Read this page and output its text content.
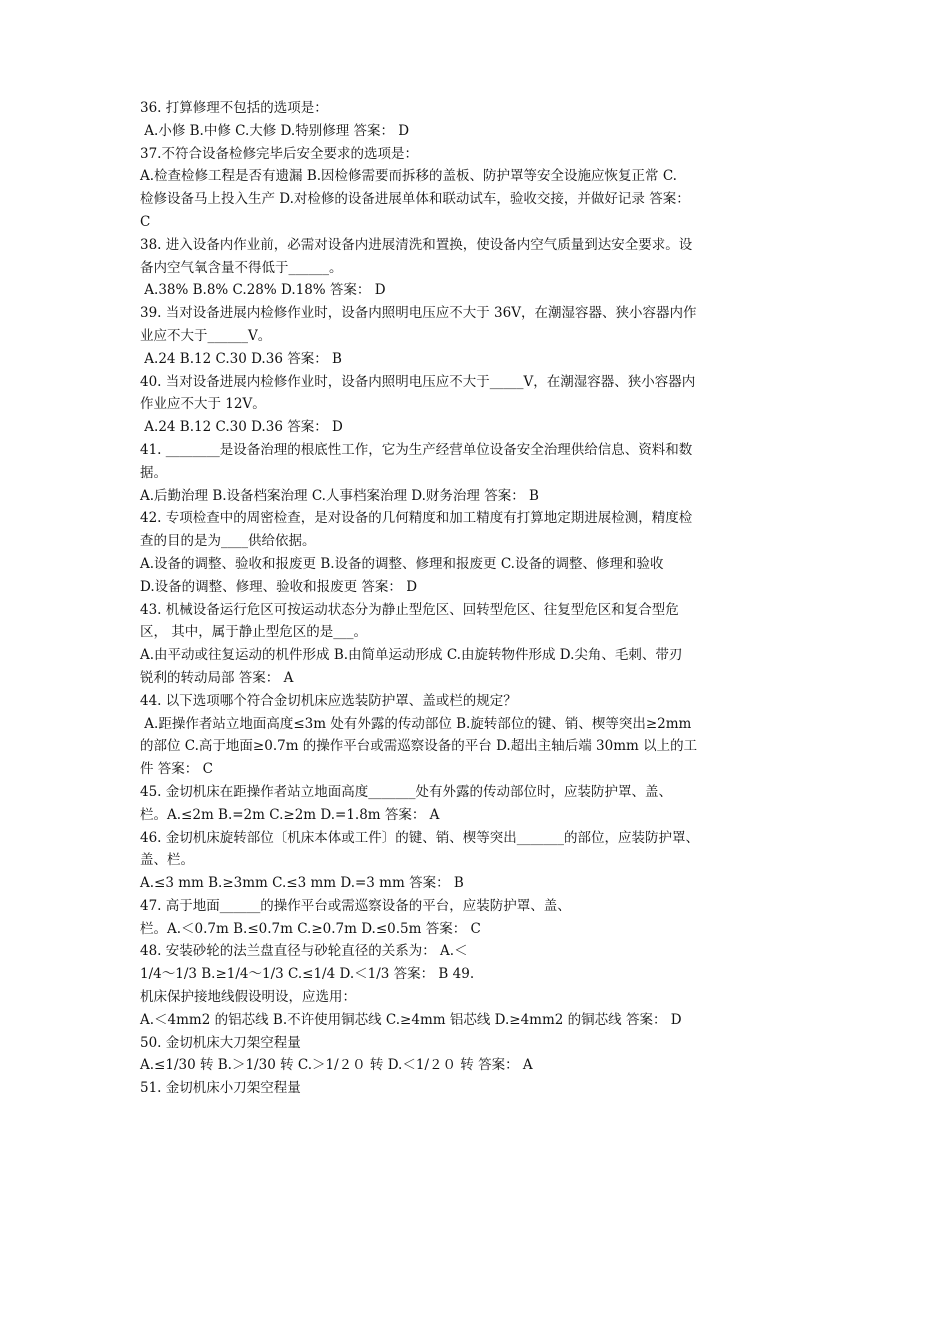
36. 打算修理不包括的选项是：
A.小修 B.中修 C.大修 D.特别修理 答案： D
37.不符合设备检修完毕后安全要求的选项是：
A.检查检修工程是否有遗漏 B.因检修需要而拆移的盖板、防护罩等安全设施应恢复正常 C.
检修设备马上投入生产 D.对检修的设备进展单体和联动试车，验收交接，并做好记录 答案：
C
38. 进入设备内作业前，必需对设备内进展清洗和置换，使设备内空气质量到达安全要求。设
备内空气氧含量不得低于______。
A.38% B.8% C.28% D.18% 答案： D
39. 当对设备进展内检修作业时，设备内照明电压应不大于 36V，在潮湿容器、狭小容器内作
业应不大于______V。
A.24 B.12 C.30 D.36 答案： B
40. 当对设备进展内检修作业时，设备内照明电压应不大于_____V，在潮湿容器、狭小容器内
作业应不大于 12V。
A.24 B.12 C.30 D.36 答案： D
41. ________是设备治理的根底性工作，它为生产经营单位设备安全治理供给信息、资料和数
据。
A.后勤治理 B.设备档案治理 C.人事档案治理 D.财务治理 答案： B
42. 专项检查中的周密检查，是对设备的几何精度和加工精度有打算地定期进展检测，精度检
查的目的是为____供给依据。
A.设备的调整、验收和报废更 B.设备的调整、修理和报废更 C.设备的调整、修理和验收
D.设备的调整、修理、验收和报废更 答案： D
43. 机械设备运行危区可按运动状态分为静止型危区、回转型危区、往复型危区和复合型危
区， 其中，属于静止型危区的是___。
A.由平动或往复运动的机件形成 B.由简单运动形成 C.由旋转物件形成 D.尖角、毛刺、带刃
锐利的转动局部 答案： A
44. 以下选项哪个符合金切机床应选装防护罩、盖或栏的规定？
A.距操作者站立地面高度≤3m 处有外露的传动部位 B.旋转部位的键、销、楔等突出≥2mm
的部位 C.高于地面≥0.7m 的操作平台或需巡察设备的平台 D.超出主轴后端 30mm 以上的工
件 答案： C
45. 金切机床在距操作者站立地面高度_______处有外露的传动部位时，应装防护罩、盖、
栏。A.≤2m B.=2m C.≥2m D.=1.8m 答案： A
46. 金切机床旋转部位〔机床本体或工件〕的键、销、楔等突出_______的部位，应装防护罩、
盖、栏。
A.≤3 mm B.≥3mm C.≤3 mm D.=3 mm 答案： B
47. 高于地面______的操作平台或需巡察设备的平台，应装防护罩、盖、
栏。A.＜0.7m B.≤0.7m C.≥0.7m D.≤0.5m 答案： C
48. 安装砂轮的法兰盘直径与砂轮直径的关系为： A.＜
1/4～1/3 B.≥1/4～1/3 C.≤1/4 D.＜1/3 答案： B 49.
机床保护接地线假设明设，应选用：
A.＜4mm2 的铝芯线 B.不许使用铜芯线 C.≥4mm 铝芯线 D.≥4mm2 的铜芯线 答案： D
50. 金切机床大刀架空程量
A.≤1/30 转 B.＞1/30 转 C.＞1/２０ 转 D.＜1/２０ 转 答案： A
51. 金切机床小刀架空程量
